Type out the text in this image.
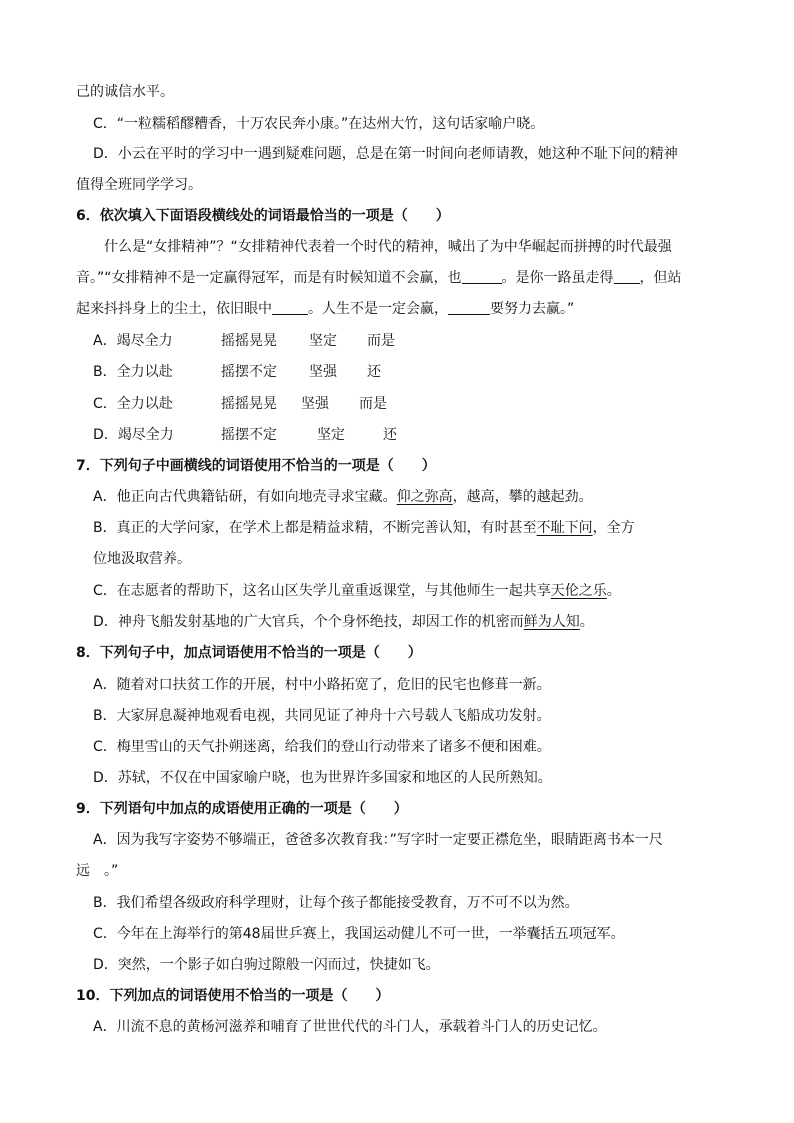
己的诚信水平。
C．“一粒糯稻醪糟香，十万农民奔小康。”在达州大竹，这句话家喻户晓。
D．小云在平时的学习中一遇到疑难问题，总是在第一时间向老师请教，她这种不耻下问的精神
值得全班同学学习。
6．依次填入下面语段横线处的词语最恰当的一项是（　　）
什么是“女排精神”？“女排精神代表着一个时代的精神，喊出了为中华崛起而拼搏的时代最强
音。”“女排精神不是一定赢得冠军，而是有时候知道不会赢，也	。是你一路虽走得 ，但站
起来抖抖身上的尘土，依旧眼中	。人生不是一定会赢，	要努力去赢。”
A．竭尽全力	摇摇晃晃 坚定 而是
B．全力以赴	摇摆不定 坚强 还
C．全力以赴	摇摇晃晃 坚强 而是
D．竭尽全力	摇摆不定	坚定	还
7．下列句子中画横线的词语使用不恰当的一项是（　　）
A．他正向古代典籍钻研，有如向地壳寻求宝藏。仰之弥高，越高，攀的越起劲。
B．真正的大学问家，在学术上都是精益求精，不断完善认知，有时甚至不耻下问，全方
位地汲取营养。
C．在志愿者的帮助下，这名山区失学儿童重返课堂，与其他师生一起共享天伦之乐。
D．神舟飞船发射基地的广大官兵，个个身怀绝技，却因工作的机密而鲜为人知。
8．下列句子中，加点词语使用不恰当的一项是（　　）
A．随着对口扶贫工作的开展，村中小路拓宽了，危旧的民宅也修葺一新。
B．大家屏息凝神地观看电视，共同见证了神舟十六号载人飞船成功发射。
C．梅里雪山的天气扑朔迷离，给我们的登山行动带来了诸多不便和困难。
D．苏轼，不仅在中国家喻户晓，也为世界许多国家和地区的人民所熟知。
9．下列语句中加点的成语使用正确的一项是（　　）
A．因为我写字姿势不够端正，爸爸多次教育我：”写字时一定要正襟危坐，眼睛距离书本一尺
远　。”
B．我们希望各级政府科学理财，让每个孩子都能接受教育，万不可不以为然。
C．今年在上海举行的第48届世乒赛上，我国运动健儿不可一世，一举囊括五项冠军。
D．突然，一个影子如白驹过隙般一闪而过，快捷如飞。
10．下列加点的词语使用不恰当的一项是（　　）
A．川流不息的黄杨河滋养和哺育了世世代代的斗门人，承载着斗门人的历史记忆。
